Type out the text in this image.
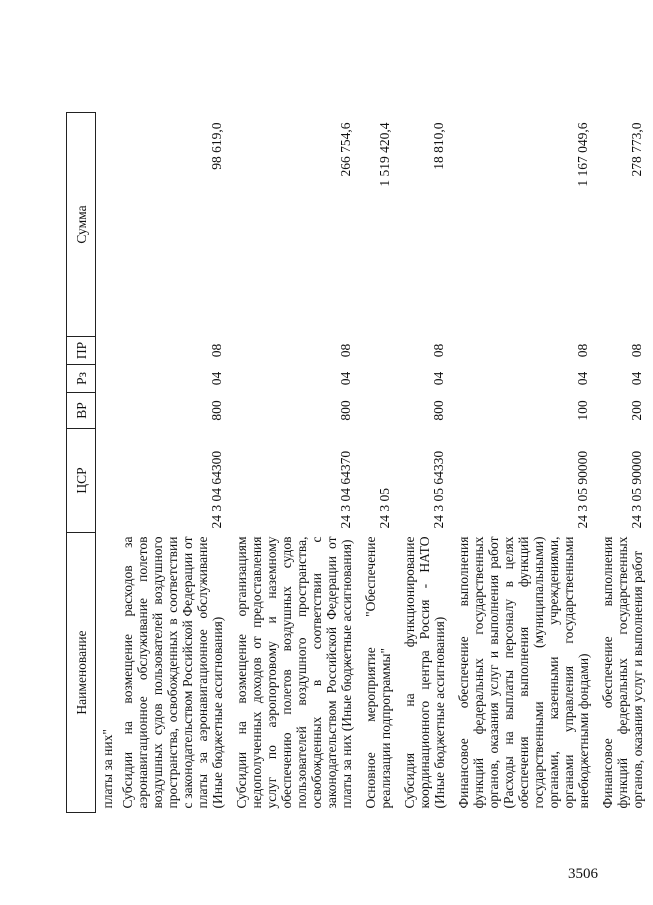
3506
Наименование	ЦСР	ВР	Рз	ПР	Сумма
платы за них"					
Субсидии на возмещение расходов за аэронавигационное обслуживание полетов воздушных судов пользователей воздушного пространства, освобожденных в соответствии с законодательством Российской Федерации от платы за аэронавигационное обслуживание (Иные бюджетные ассигнования)	24 3 04 64300	800	04	08	98 619,0
Субсидии на возмещение организациям недополученных доходов от предоставления услуг по аэропортовому и наземному обеспечению полетов воздушных судов пользователей воздушного пространства, освобожденных в соответствии с законодательством Российской Федерации от платы за них (Иные бюджетные ассигнования)	24 3 04 64370	800	04	08	266 754,6
Основное мероприятие "Обеспечение реализации подпрограммы"	24 3 05				1 519 420,4
Субсидия на функционирование координационного центра Россия - НАТО (Иные бюджетные ассигнования)	24 3 05 64330	800	04	08	18 810,0
Финансовое обеспечение выполнения функций федеральных государственных органов, оказания услуг и выполнения работ (Расходы на выплаты персоналу в целях обеспечения выполнения функций государственными (муниципальными) органами, казенными учреждениями, органами управления государственными внебюджетными фондами)	24 3 05 90000	100	04	08	1 167 049,6
Финансовое обеспечение выполнения функций федеральных государственных органов, оказания услуг и выполнения работ	24 3 05 90000	200	04	08	278 773,0
